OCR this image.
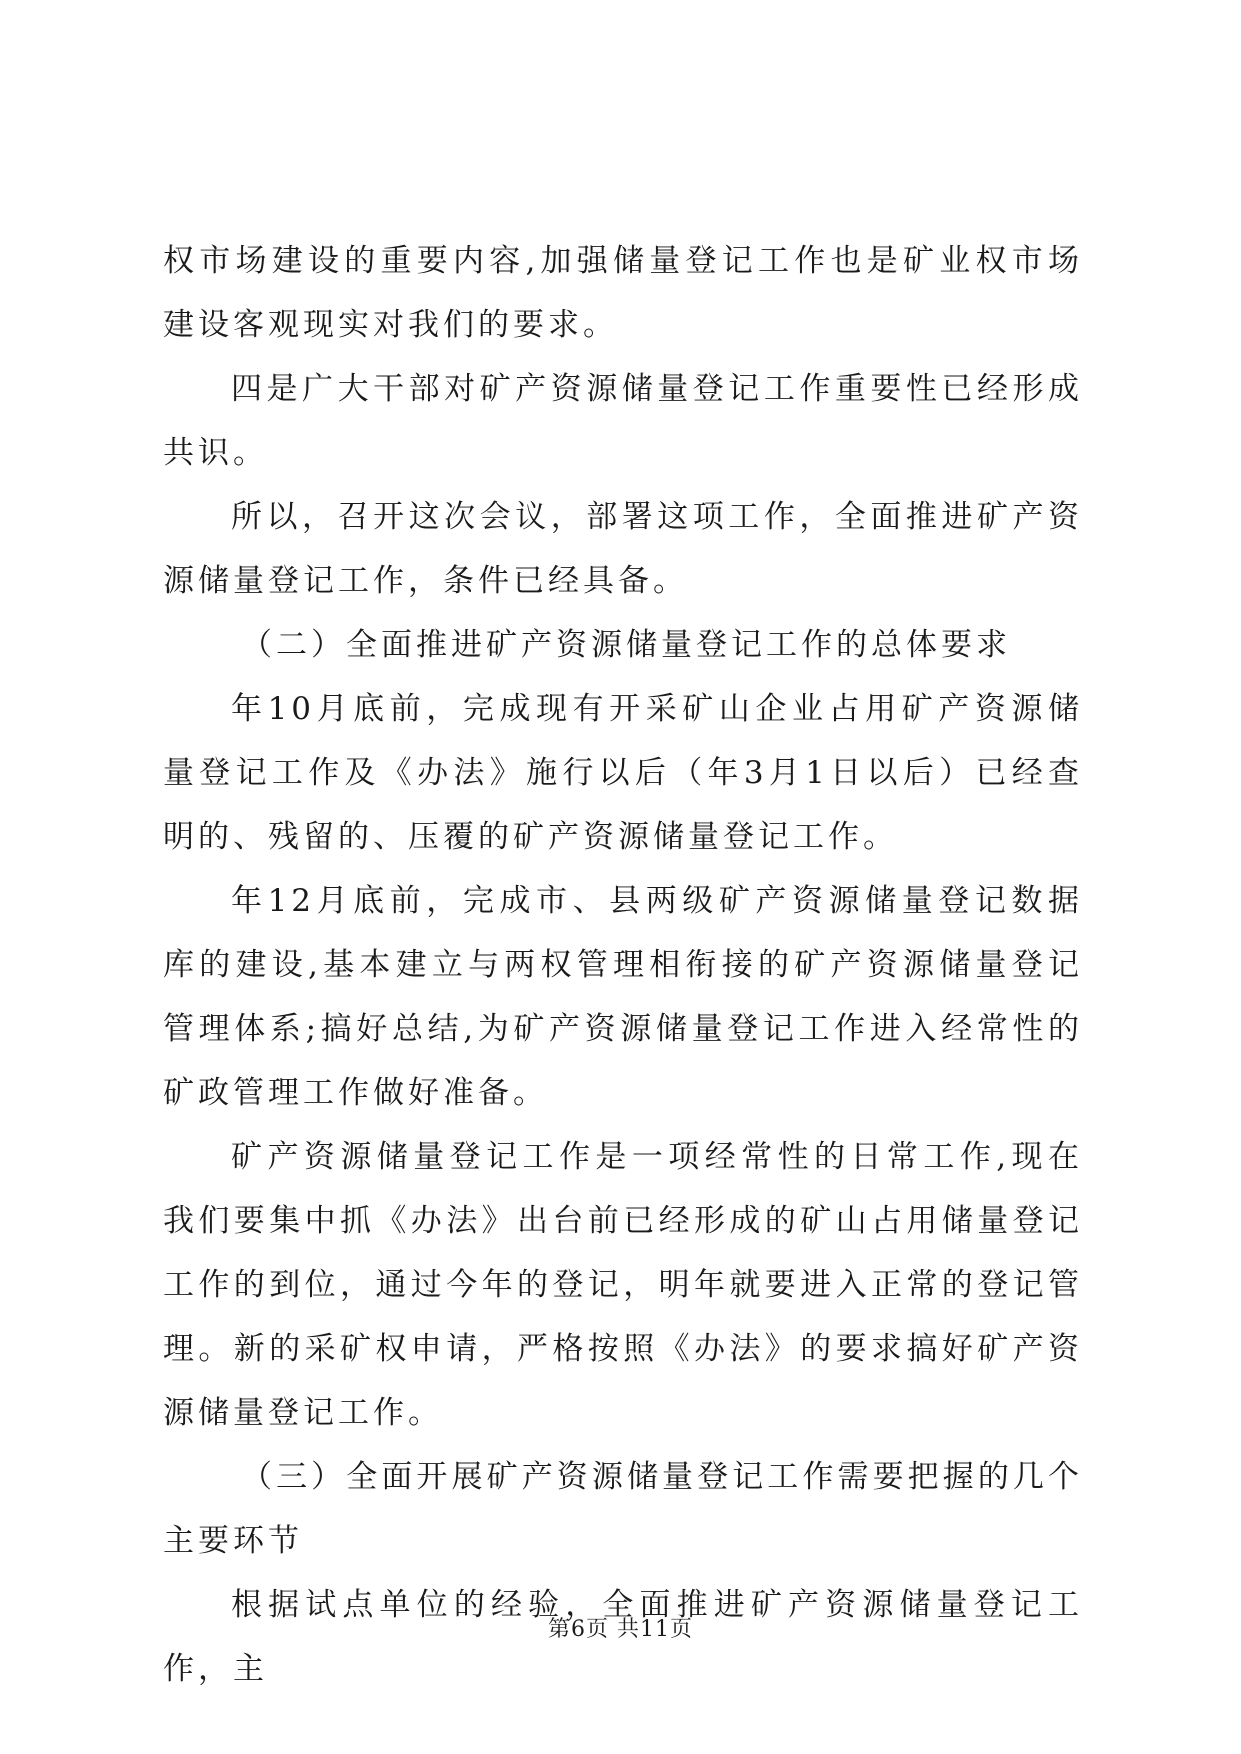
权市场建设的重要内容,加强储量登记工作也是矿业权市场建设客观现实对我们的要求。

四是广大干部对矿产资源储量登记工作重要性已经形成共识。

所以，召开这次会议，部署这项工作，全面推进矿产资源储量登记工作，条件已经具备。

（二）全面推进矿产资源储量登记工作的总体要求

年10月底前，完成现有开采矿山企业占用矿产资源储量登记工作及《办法》施行以后（年3月1日以后）已经查明的、残留的、压覆的矿产资源储量登记工作。

年12月底前，完成市、县两级矿产资源储量登记数据库的建设,基本建立与两权管理相衔接的矿产资源储量登记管理体系;搞好总结,为矿产资源储量登记工作进入经常性的矿政管理工作做好准备。

矿产资源储量登记工作是一项经常性的日常工作,现在我们要集中抓《办法》出台前已经形成的矿山占用储量登记工作的到位，通过今年的登记，明年就要进入正常的登记管理。新的采矿权申请，严格按照《办法》的要求搞好矿产资源储量登记工作。

（三）全面开展矿产资源储量登记工作需要把握的几个主要环节

根据试点单位的经验，全面推进矿产资源储量登记工作，主

第6页 共11页
